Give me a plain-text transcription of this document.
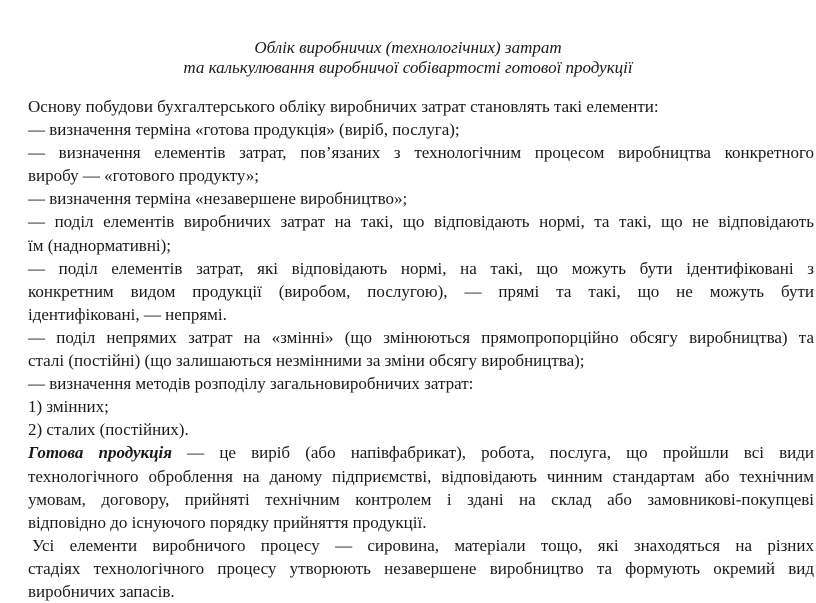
Облік виробничих (технологічних) затрат
та калькулювання виробничої собівартості готової продукції
Основу побудови бухгалтерського обліку виробничих затрат становлять такі елементи:
— визначення терміна «готова продукція» (виріб, послуга);
— визначення елементів затрат, пов’язаних з технологічним процесом виробництва конкретного
виробу — «готового продукту»;
— визначення терміна «незавершене виробництво»;
— поділ елементів виробничих затрат на такі, що відповідають нормі, та такі, що не відповідають
їм (наднормативні);
— поділ елементів затрат, які відповідають нормі, на такі, що можуть бути ідентифіковані з
конкретним видом продукції (виробом, послугою), — прямі та такі, що не можуть бути
ідентифіковані, — непрямі.
— поділ непрямих затрат на «змінні» (що змінюються прямопропорційно обсягу виробництва) та
сталі (постійні) (що залишаються незмінними за зміни обсягу виробництва);
— визначення методів розподілу загальновиробничих затрат:
1) змінних;
2) сталих (постійних).
Готова продукція — це виріб (або напівфабрикат), робота, послуга, що пройшли всі види
технологічного оброблення на даному підприємстві, відповідають чинним стандартам або технічним
умовам, договору, прийняті технічним контролем і здані на склад або замовникові-покупцеві
відповідно до існуючого порядку прийняття продукції.
Усі елементи виробничого процесу — сировина, матеріали тощо, які знаходяться на різних
стадіях технологічного процесу утворюють незавершене виробництво та формують окремий вид
виробничих запасів.
